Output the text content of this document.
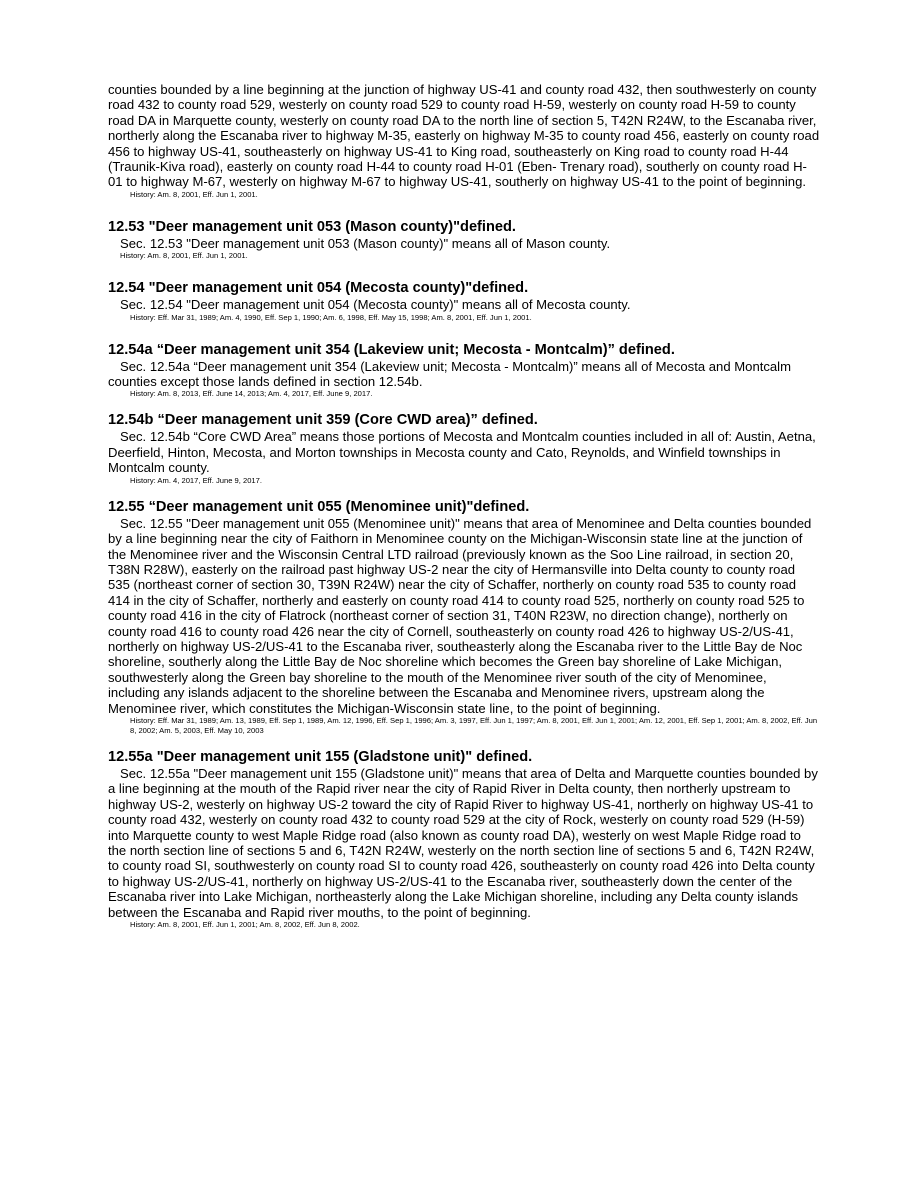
counties bounded by a line beginning at the junction of highway US-41 and county road 432, then southwesterly on county road 432 to county road 529, westerly on county road 529 to county road H-59, westerly on county road H-59 to county road DA in Marquette county, westerly on county road DA to the north line of section 5, T42N R24W, to the Escanaba river, northerly along the Escanaba river to highway M-35, easterly on highway M-35 to county road 456, easterly on county road 456 to highway US-41, southeasterly on highway US-41 to King road, southeasterly on King road to county road H-44 (Traunik-Kiva road), easterly on county road H-44 to county road H-01 (Eben- Trenary road), southerly on county road H-01 to highway M-67, westerly on highway M-67 to highway US-41, southerly on highway US-41 to the point of beginning.

History: Am. 8, 2001, Eff. Jun 1, 2001.

12.53 "Deer management unit 053 (Mason county)"defined.

Sec. 12.53 "Deer management unit 053 (Mason county)" means all of Mason county.

History: Am. 8, 2001, Eff. Jun 1, 2001.

12.54 "Deer management unit 054 (Mecosta county)"defined.

Sec. 12.54 "Deer management unit 054 (Mecosta county)" means all of Mecosta county.

History: Eff. Mar 31, 1989; Am. 4, 1990, Eff. Sep 1, 1990; Am. 6, 1998, Eff. May 15, 1998; Am. 8, 2001, Eff. Jun 1, 2001.

12.54a “Deer management unit 354 (Lakeview unit; Mecosta - Montcalm)” defined.

Sec. 12.54a “Deer management unit 354 (Lakeview unit; Mecosta - Montcalm)” means all of Mecosta and Montcalm counties except those lands defined in section 12.54b.

History: Am. 8, 2013, Eff. June 14, 2013; Am. 4, 2017, Eff. June 9, 2017.

12.54b “Deer management unit 359 (Core CWD area)” defined.

Sec. 12.54b “Core CWD Area” means those portions of Mecosta and Montcalm counties included in all of: Austin, Aetna, Deerfield, Hinton, Mecosta, and Morton townships in Mecosta county and Cato, Reynolds, and Winfield townships in Montcalm county.

History: Am. 4, 2017, Eff. June 9, 2017.

12.55 “Deer management unit 055 (Menominee unit)"defined.

Sec. 12.55 "Deer management unit 055 (Menominee unit)" means that area of Menominee and Delta counties bounded by a line beginning near the city of Faithorn in Menominee county on the Michigan-Wisconsin state line at the junction of the Menominee river and the Wisconsin Central LTD railroad (previously known as the Soo Line railroad, in section 20, T38N R28W), easterly on the railroad past highway US-2 near the city of Hermansville into Delta county to county road 535 (northeast corner of section 30, T39N R24W) near the city of Schaffer, northerly on county road 535 to county road 414 in the city of Schaffer, northerly and easterly on county road 414 to county road 525, northerly on county road 525 to county road 416 in the city of Flatrock (northeast corner of section 31, T40N R23W, no direction change), northerly on county road 416 to county road 426 near the city of Cornell, southeasterly on county road 426 to highway US-2/US-41, northerly on highway US-2/US-41 to the Escanaba river, southeasterly along the Escanaba river to the Little Bay de Noc shoreline, southerly along the Little Bay de Noc shoreline which becomes the Green bay shoreline of Lake Michigan, southwesterly along the Green bay shoreline to the mouth of the Menominee river south of the city of Menominee, including any islands adjacent to the shoreline between the Escanaba and Menominee rivers, upstream along the Menominee river, which constitutes the Michigan-Wisconsin state line, to the point of beginning.

History: Eff. Mar 31, 1989; Am. 13, 1989, Eff. Sep 1, 1989, Am. 12, 1996, Eff. Sep 1, 1996; Am. 3, 1997, Eff. Jun 1, 1997; Am. 8, 2001, Eff. Jun 1, 2001; Am. 12, 2001, Eff. Sep 1, 2001; Am. 8, 2002, Eff. Jun 8, 2002; Am. 5, 2003, Eff. May 10, 2003

12.55a "Deer management unit 155 (Gladstone unit)" defined.

Sec. 12.55a "Deer management unit 155 (Gladstone unit)" means that area of Delta and Marquette counties bounded by a line beginning at the mouth of the Rapid river near the city of Rapid River in Delta county, then northerly upstream to highway US-2, westerly on highway US-2 toward the city of Rapid River to highway US-41, northerly on highway US-41 to county road 432, westerly on county road 432 to county road 529 at the city of Rock, westerly on county road 529 (H-59) into Marquette county to west Maple Ridge road (also known as county road DA), westerly on west Maple Ridge road to the north section line of sections 5 and 6, T42N R24W, westerly on the north section line of sections 5 and 6, T42N R24W, to county road SI, southwesterly on county road SI to county road 426, southeasterly on county road 426 into Delta county to highway US-2/US-41, northerly on highway US-2/US-41 to the Escanaba river, southeasterly down the center of the Escanaba river into Lake Michigan, northeasterly along the Lake Michigan shoreline, including any Delta county islands between the Escanaba and Rapid river mouths, to the point of beginning.

History: Am. 8, 2001, Eff. Jun 1, 2001; Am. 8, 2002, Eff. Jun 8, 2002.
